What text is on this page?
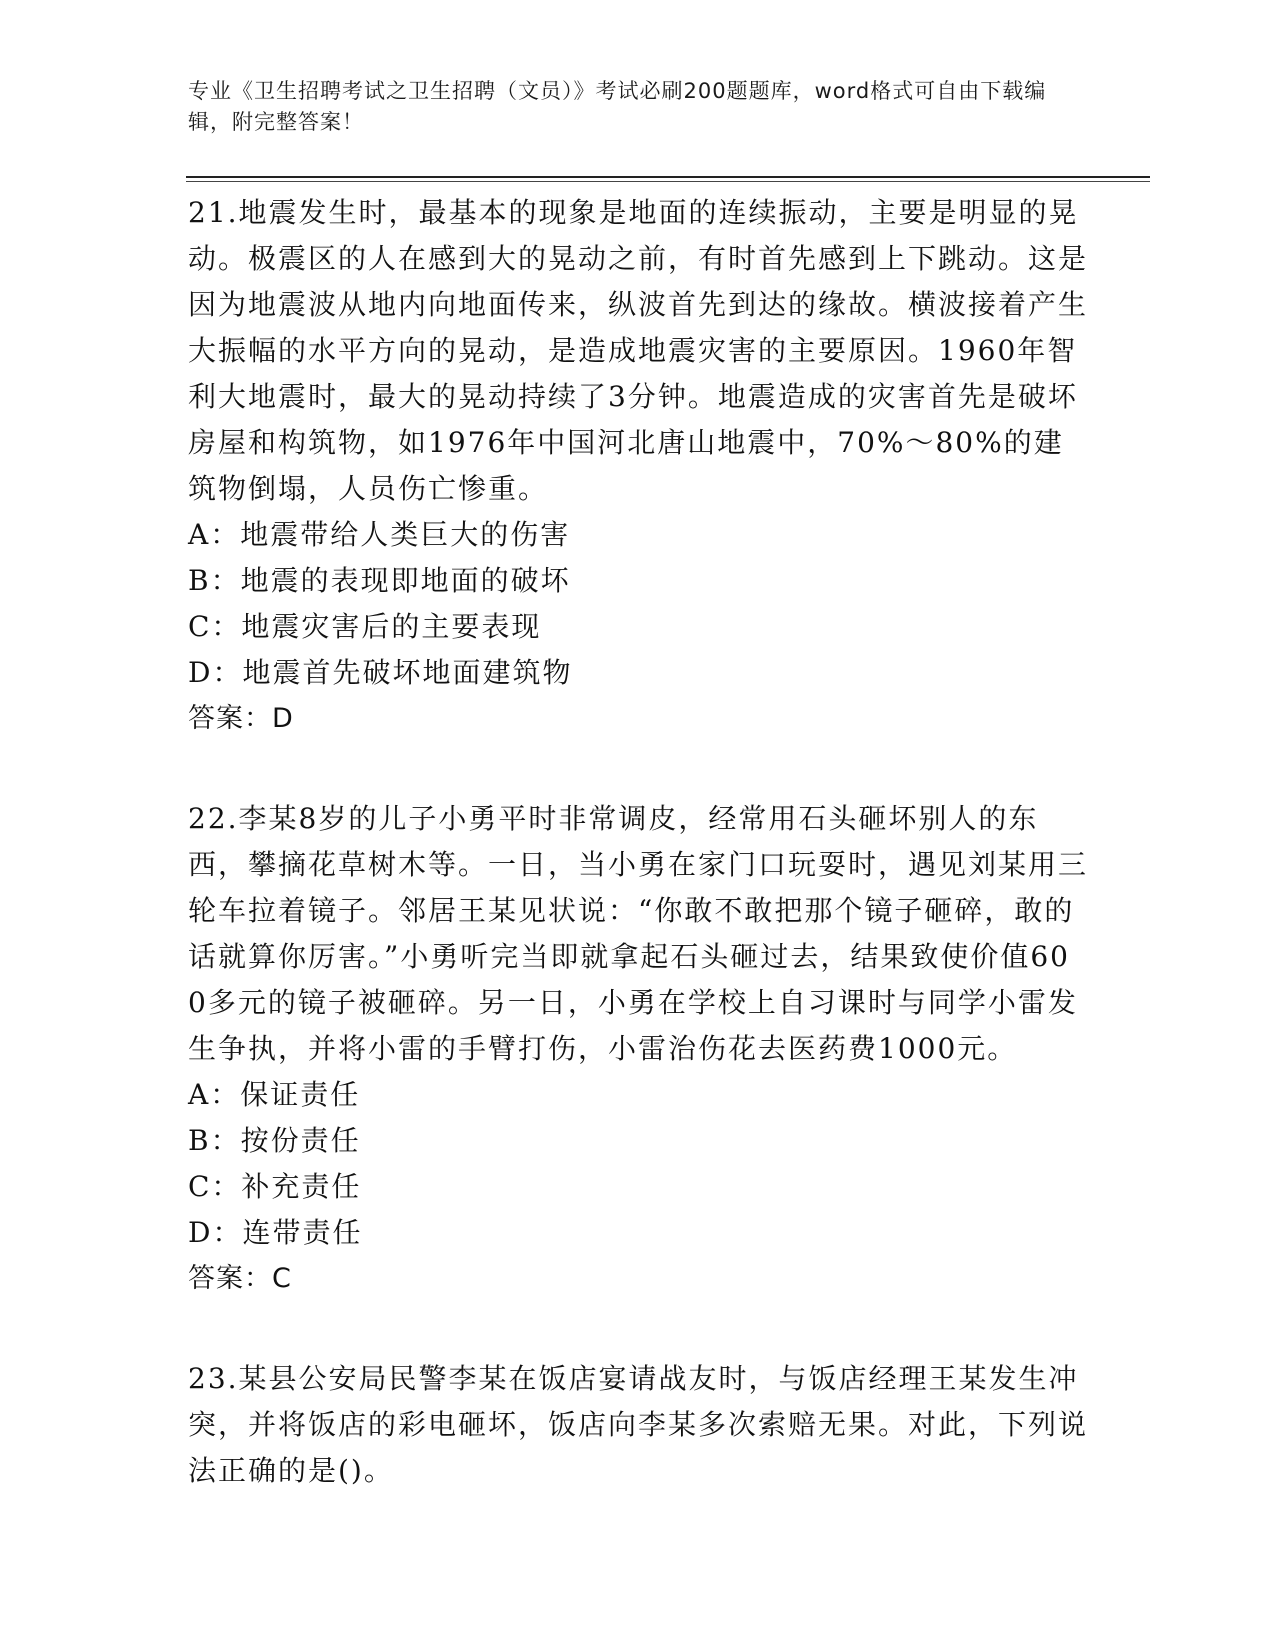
专业《卫生招聘考试之卫生招聘（文员）》考试必刷200题题库，word格式可自由下载编辑，附完整答案！

21.地震发生时，最基本的现象是地面的连续振动，主要是明显的晃动。极震区的人在感到大的晃动之前，有时首先感到上下跳动。这是因为地震波从地内向地面传来，纵波首先到达的缘故。横波接着产生大振幅的水平方向的晃动，是造成地震灾害的主要原因。1960年智利大地震时，最大的晃动持续了3分钟。地震造成的灾害首先是破坏房屋和构筑物，如1976年中国河北唐山地震中，70%～80%的建筑物倒塌，人员伤亡惨重。

A：地震带给人类巨大的伤害

B：地震的表现即地面的破坏

C：地震灾害后的主要表现

D：地震首先破坏地面建筑物

答案：D

22.李某8岁的儿子小勇平时非常调皮，经常用石头砸坏别人的东西，攀摘花草树木等。一日，当小勇在家门口玩耍时，遇见刘某用三轮车拉着镜子。邻居王某见状说：“你敢不敢把那个镜子砸碎，敢的话就算你厉害。”小勇听完当即就拿起石头砸过去，结果致使价值600多元的镜子被砸碎。另一日，小勇在学校上自习课时与同学小雷发生争执，并将小雷的手臂打伤，小雷治伤花去医药费1000元。

A：保证责任

B：按份责任

C：补充责任

D：连带责任

答案：C

23.某县公安局民警李某在饭店宴请战友时，与饭店经理王某发生冲突，并将饭店的彩电砸坏，饭店向李某多次索赔无果。对此，下列说法正确的是()。
